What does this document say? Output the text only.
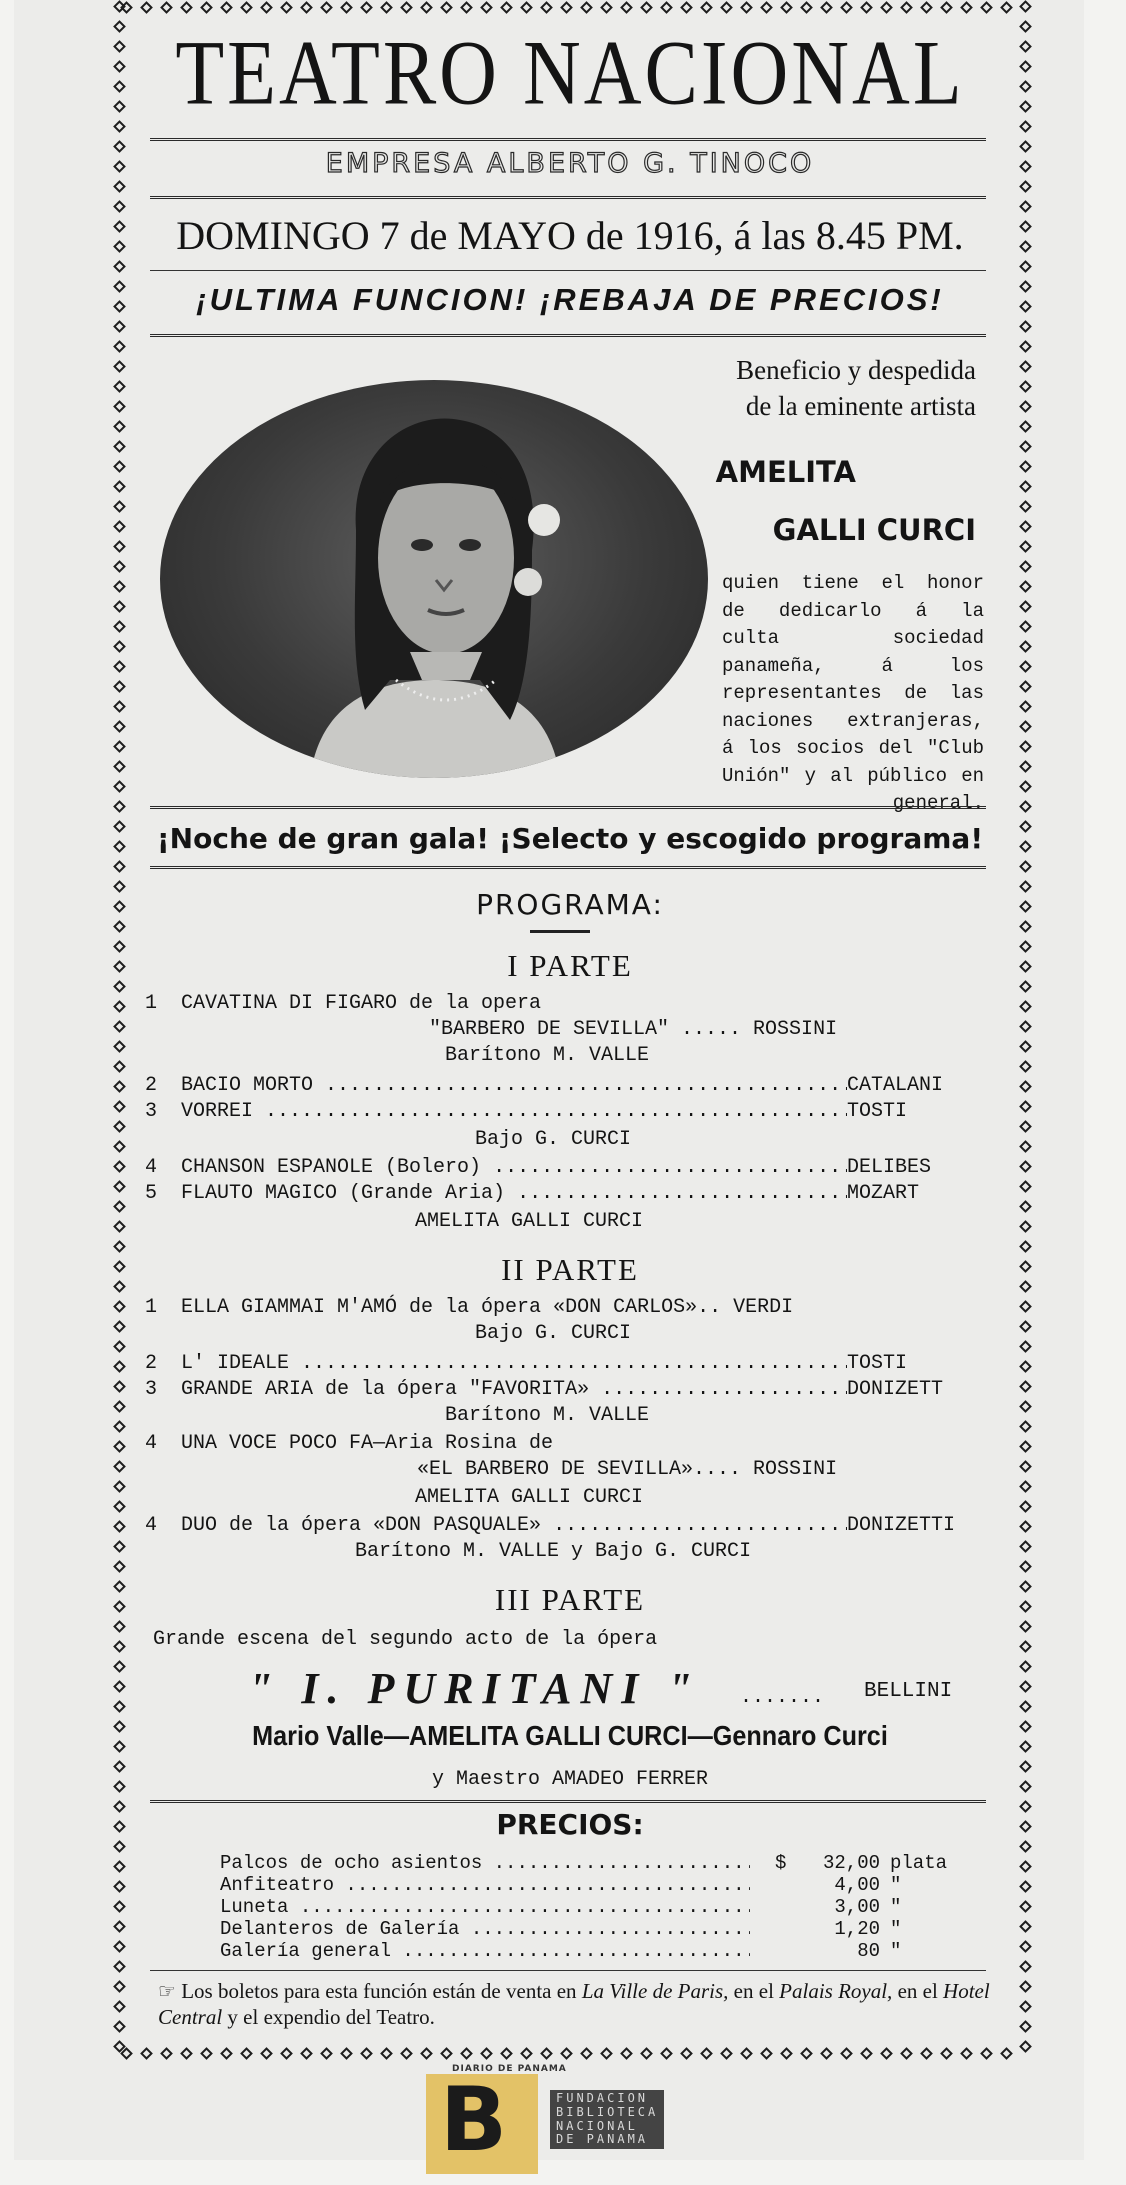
TEATRO NACIONAL
EMPRESA ALBERTO G. TINOCO
DOMINGO 7 de MAYO de 1916, á las 8.45 PM.
¡ULTIMA FUNCION! ¡REBAJA DE PRECIOS!
Beneficio y despedida
de la eminente artista
AMELITA
GALLI CURCI
quien tiene el honor de dedicarlo á la culta sociedad panameña, á los representantes de las naciones extranjeras, á los socios del "Club Unión" y al público en general.
¡Noche de gran gala! ¡Selecto y escogido programa!
PROGRAMA:
I PARTE
1 CAVATINA DI FIGARO de la opera
"BARBERO DE SEVILLA" ..... ROSSINI
Barítono M. VALLE
2 BACIO MORTO .....	CATALANI
3 VORREI .....	TOSTI
Bajo G. CURCI
4 CHANSON ESPANOLE (Bolero) .....	DELIBES
5 FLAUTO MAGICO (Grande Aria) .....	MOZART
AMELITA GALLI CURCI
II PARTE
1 ELLA GIAMMAI M'AMÓ de la ópera «DON CARLOS».. VERDI
Bajo G. CURCI
2 L' IDEALE .....	TOSTI
3 GRANDE ARIA de la ópera "FAVORITA» .....	DONIZETT
Barítono M. VALLE
4 UNA VOCE POCO FA—Aria Rosina de
«EL BARBERO DE SEVILLA».... ROSSINI
AMELITA GALLI CURCI
4 DUO de la ópera «DON PASQUALE» .....	DONIZETTI
Barítono M. VALLE y Bajo G. CURCI
III PARTE
Grande escena del segundo acto de la ópera
" I. PURITANI " ....... BELLINI
Mario Valle—AMELITA GALLI CURCI—Gennaro Curci
y Maestro AMADEO FERRER
PRECIOS:
Palcos de ocho asientos .....	$	32,00 plata
Anfiteatro .....	4,00 "
Luneta .....	3,00 "
Delanteros de Galería .....	1,20 "
Galería general .....	80 "
☞ Los boletos para esta función están de venta en La Ville de Paris, en el Palais Royal, en el Hotel Central y el expendio del Teatro.
DIARIO DE PANAMA
B	FUNDACION
BIBLIOTECA
NACIONAL
DE PANAMA
